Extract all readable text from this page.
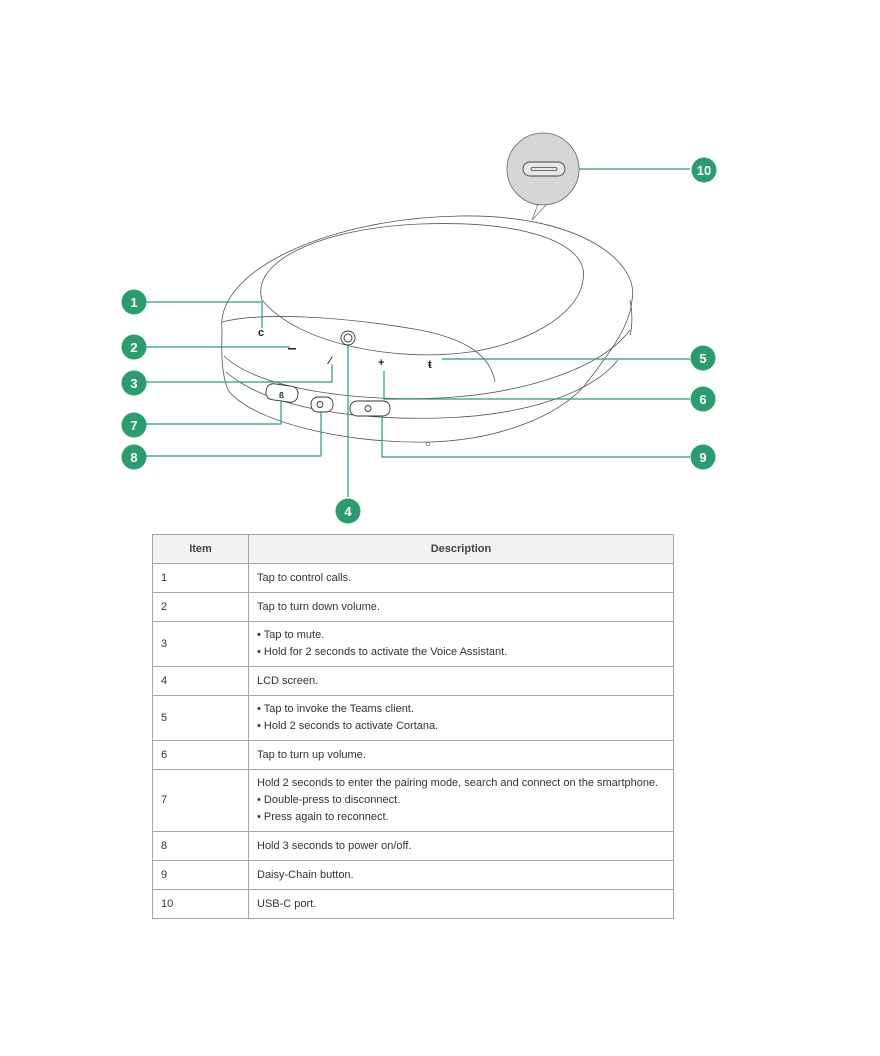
c
⁄	+	ŧ
ß
1
2
3
4
5
6
7
8	9
10
Item	Description
1	Tap to control calls.

2	Tap to turn down volume.

3	• Tap to mute.
• Hold for 2 seconds to activate the Voice Assistant.

4	LCD screen.

5	• Tap to invoke the Teams client.
• Hold 2 seconds to activate Cortana.

6	Tap to turn up volume.

7	Hold 2 seconds to enter the pairing mode, search and connect on the smartphone.
• Double-press to disconnect.
• Press again to reconnect.

8	Hold 3 seconds to power on/off.

9	Daisy-Chain button.

10	USB-C port.
